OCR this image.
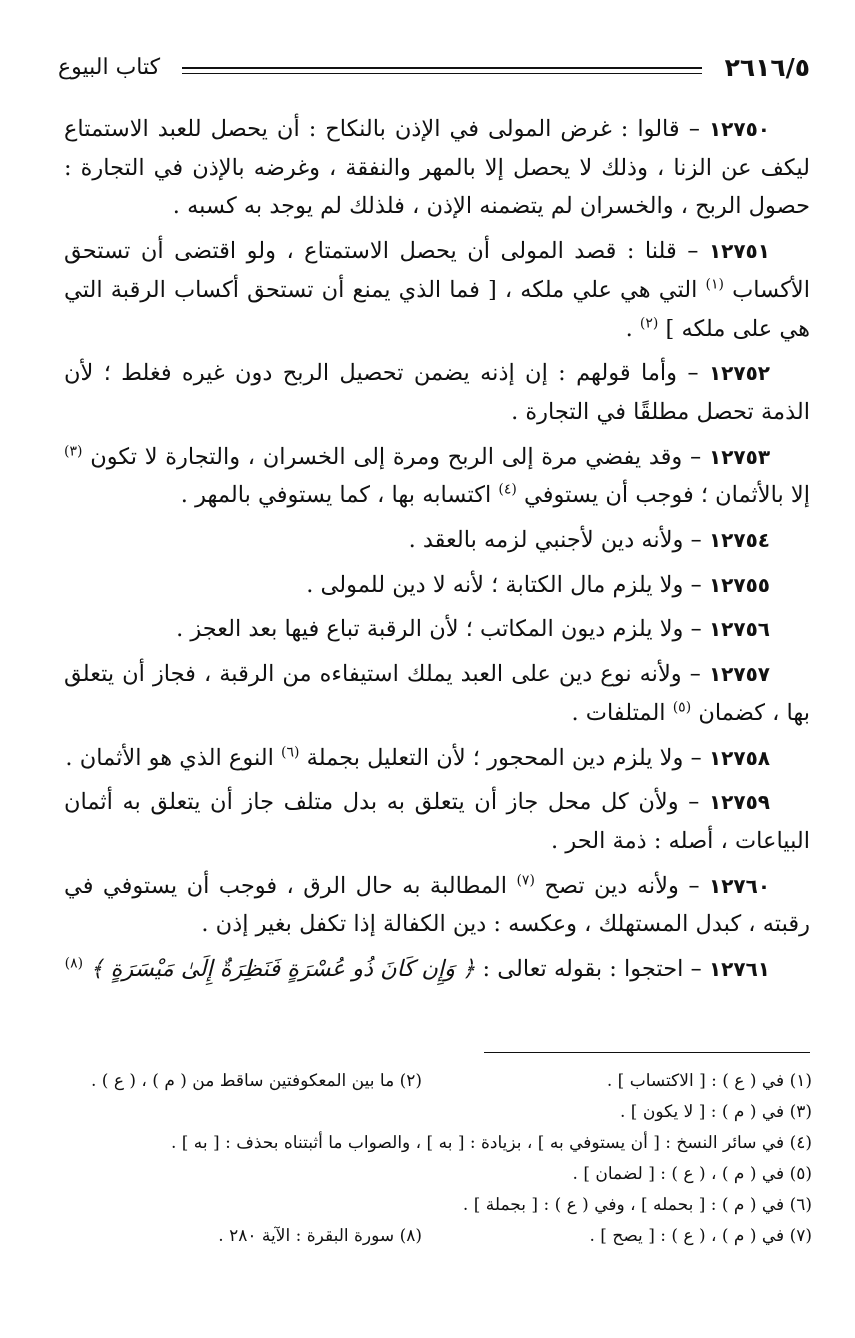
٢٦١٦/٥
كتاب البيوع

١٢٧٥٠ – قالوا : غرض المولى في الإذن بالنكاح : أن يحصل للعبد الاستمتاع ليكف عن الزنا ، وذلك لا يحصل إلا بالمهر والنفقة ، وغرضه بالإذن في التجارة : حصول الربح ، والخسران لم يتضمنه الإذن ، فلذلك لم يوجد به كسبه .

١٢٧٥١ – قلنا : قصد المولى أن يحصل الاستمتاع ، ولو اقتضى أن تستحق الأكساب $^{(١)}$ التي هي علي ملكه ، [ فما الذي يمنع أن تستحق أكساب الرقبة التي هي على ملكه ] $^{(٢)}$ .

١٢٧٥٢ – وأما قولهم : إن إذنه يضمن تحصيل الربح دون غيره فغلط ؛ لأن الذمة تحصل مطلقًا في التجارة .

١٢٧٥٣ – وقد يفضي مرة إلى الربح ومرة إلى الخسران ، والتجارة لا تكون $^{(٣)}$ إلا بالأثمان ؛ فوجب أن يستوفي $^{(٤)}$ اكتسابه بها ، كما يستوفي بالمهر .

١٢٧٥٤ – ولأنه دين لأجنبي لزمه بالعقد .

١٢٧٥٥ – ولا يلزم مال الكتابة ؛ لأنه لا دين للمولى .

١٢٧٥٦ – ولا يلزم ديون المكاتب ؛ لأن الرقبة تباع فيها بعد العجز .

١٢٧٥٧ – ولأنه نوع دين على العبد يملك استيفاءه من الرقبة ، فجاز أن يتعلق بها ، كضمان $^{(٥)}$ المتلفات .

١٢٧٥٨ – ولا يلزم دين المحجور ؛ لأن التعليل بجملة $^{(٦)}$ النوع الذي هو الأثمان .

١٢٧٥٩ – ولأن كل محل جاز أن يتعلق به بدل متلف جاز أن يتعلق به أثمان البياعات ، أصله : ذمة الحر .

١٢٧٦٠ – ولأنه دين تصح $^{(٧)}$ المطالبة به حال الرق ، فوجب أن يستوفي في رقبته ، كبدل المستهلك ، وعكسه : دين الكفالة إذا تكفل بغير إذن .

١٢٧٦١ – احتجوا : بقوله تعالى : ﴿ وَإِن كَانَ ذُو عُسْرَةٍ فَنَظِرَةٌ إِلَىٰ مَيْسَرَةٍ ﴾ $^{(٨)}$

(١) في ( ع ) : [ الاكتساب ] .
(٢) ما بين المعكوفتين ساقط من ( م ) ، ( ع ) .
(٣) في ( م ) : [ لا يكون ] .
(٤) في سائر النسخ : [ أن يستوفي به ] ، بزيادة : [ به ] ، والصواب ما أثبتناه بحذف : [ به ] .
(٥) في ( م ) ، ( ع ) : [ لضمان ] .
(٦) في ( م ) : [ بحمله ] ، وفي ( ع ) : [ بجملة ] .
(٧) في ( م ) ، ( ع ) : [ يصح ] .
(٨) سورة البقرة : الآية ٢٨٠ .
